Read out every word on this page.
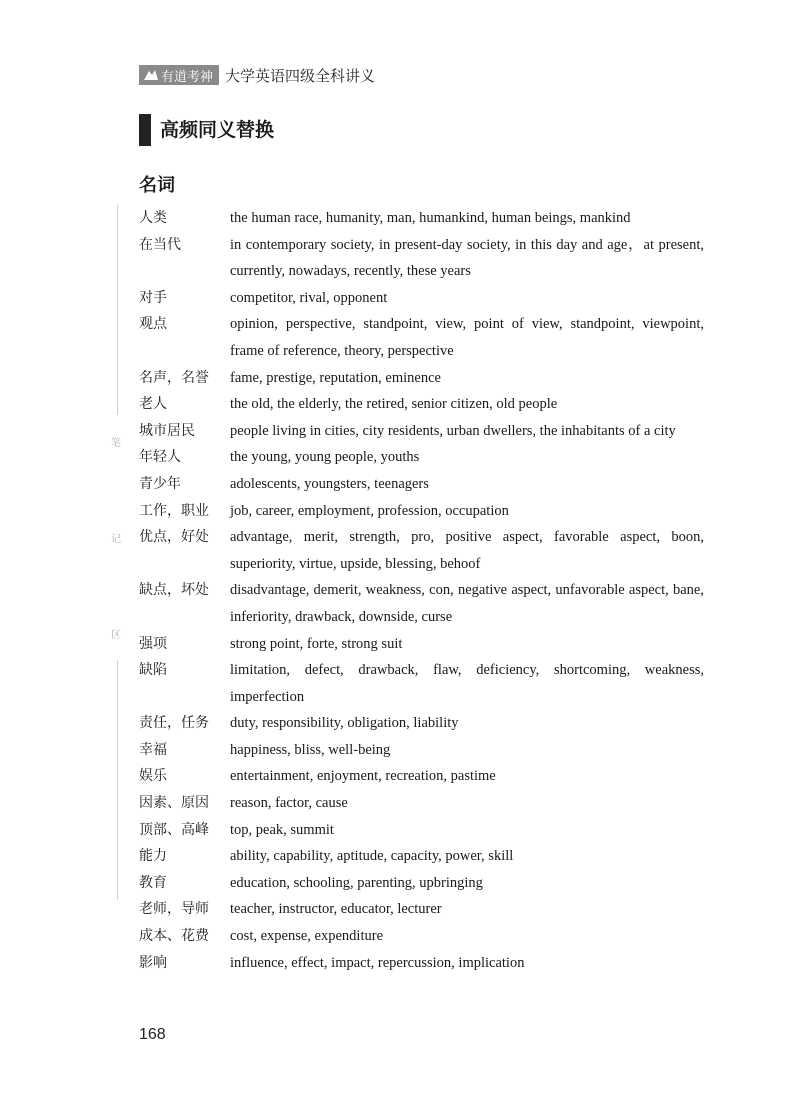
有道考神 大学英语四级全科讲义
高频同义替换
名词
笔
记
区
人类	the human race, humanity, man, humankind, human beings, mankind
在当代	in contemporary society, in present-day society, in this day and age，at present, currently, nowadays, recently, these years
对手	competitor, rival, opponent
观点	opinion, perspective, standpoint, view, point of view, standpoint, viewpoint, frame of reference, theory, perspective
名声，名誉 fame, prestige, reputation, eminence
老人	the old, the elderly, the retired, senior citizen, old people
城市居民 people living in cities, city residents, urban dwellers, the inhabitants of a city
年轻人	the young, young people, youths
青少年	adolescents, youngsters, teenagers
工作，职业 job, career, employment, profession, occupation
优点，好处 advantage, merit, strength, pro, positive aspect, favorable aspect, boon, superiority, virtue, upside, blessing, behoof
缺点，坏处 disadvantage, demerit, weakness, con, negative aspect, unfavorable aspect, bane, inferiority, drawback, downside, curse
强项	strong point, forte, strong suit
缺陷	limitation, defect, drawback, flaw, deficiency, shortcoming, weakness, imperfection
责任，任务 duty, responsibility, obligation, liability
幸福	happiness, bliss, well-being
娱乐	entertainment, enjoyment, recreation, pastime
因素、原因 reason, factor, cause
顶部、高峰 top, peak, summit
能力	ability, capability, aptitude, capacity, power, skill
教育	education, schooling, parenting, upbringing
老师，导师 teacher, instructor, educator, lecturer
成本、花费 cost, expense, expenditure
影响	influence, effect, impact, repercussion, implication
168
